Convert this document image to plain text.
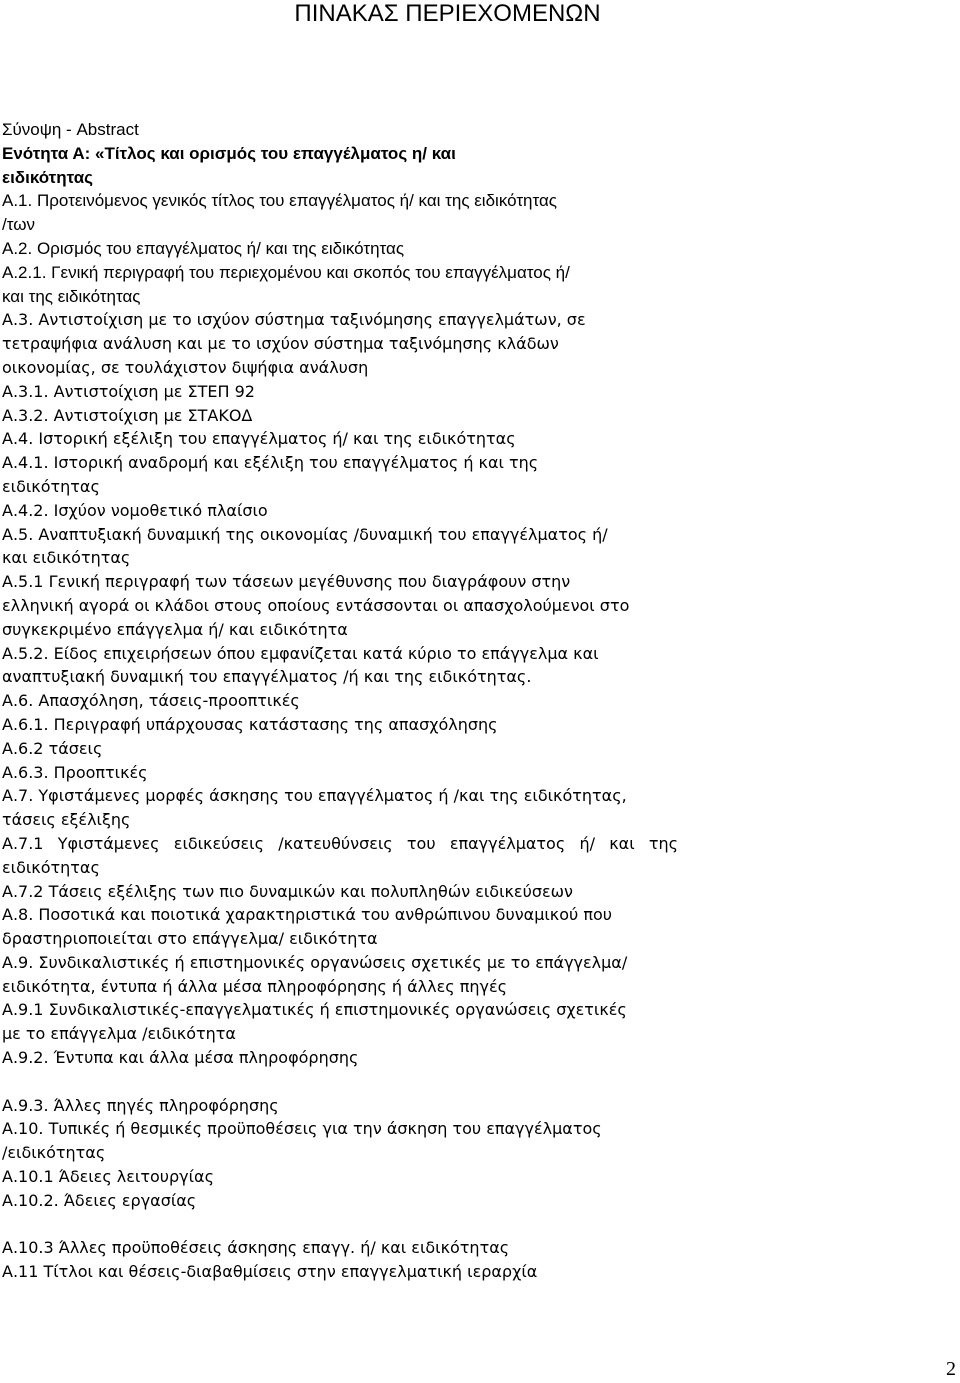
ΠΙΝΑΚΑΣ ΠΕΡΙΕΧΟΜΕΝΩΝ
Σύνοψη - Abstract
Ενότητα Α: «Τίτλος και ορισμός του επαγγέλματος η/ και
ειδικότητας
Α.1. Προτεινόμενος γενικός τίτλος του επαγγέλματος ή/ και της ειδικότητας
/των
Α.2. Ορισμός του επαγγέλματος ή/ και της ειδικότητας
Α.2.1. Γενική περιγραφή του περιεχομένου και σκοπός του επαγγέλματος ή/
και της ειδικότητας
Α.3. Αντιστοίχιση με το ισχύον σύστημα ταξινόμησης επαγγελμάτων, σε
τετραψήφια ανάλυση και με το ισχύον σύστημα ταξινόμησης κλάδων
οικονομίας, σε τουλάχιστον διψήφια ανάλυση
Α.3.1. Αντιστοίχιση με ΣΤΕΠ 92
Α.3.2. Αντιστοίχιση με ΣΤΑΚΟΔ
Α.4. Ιστορική εξέλιξη του επαγγέλματος ή/ και της ειδικότητας
Α.4.1. Ιστορική αναδρομή και εξέλιξη του επαγγέλματος ή και της
ειδικότητας
Α.4.2. Ισχύον νομοθετικό πλαίσιο
Α.5. Αναπτυξιακή δυναμική της οικονομίας /δυναμική του επαγγέλματος ή/
και ειδικότητας
Α.5.1 Γενική περιγραφή των τάσεων μεγέθυνσης που διαγράφουν στην
ελληνική αγορά οι κλάδοι στους οποίους εντάσσονται οι απασχολούμενοι στο
συγκεκριμένο επάγγελμα ή/ και ειδικότητα
Α.5.2. Είδος επιχειρήσεων όπου εμφανίζεται κατά κύριο το επάγγελμα και
αναπτυξιακή δυναμική του επαγγέλματος /ή και της ειδικότητας.
Α.6. Απασχόληση, τάσεις-προοπτικές
Α.6.1. Περιγραφή υπάρχουσας κατάστασης της απασχόλησης
Α.6.2 τάσεις
Α.6.3. Προοπτικές
Α.7. Υφιστάμενες μορφές άσκησης του επαγγέλματος ή /και της ειδικότητας,
τάσεις εξέλιξης
Α.7.1 Υφιστάμενες ειδικεύσεις /κατευθύνσεις του επαγγέλματος ή/ και της
ειδικότητας
Α.7.2 Τάσεις εξέλιξης των πιο δυναμικών και πολυπληθών ειδικεύσεων
Α.8. Ποσοτικά και ποιοτικά χαρακτηριστικά του ανθρώπινου δυναμικού που
δραστηριοποιείται στο επάγγελμα/ ειδικότητα
Α.9. Συνδικαλιστικές ή επιστημονικές οργανώσεις σχετικές με το επάγγελμα/
ειδικότητα, έντυπα ή άλλα μέσα πληροφόρησης ή άλλες πηγές
Α.9.1 Συνδικαλιστικές-επαγγελματικές ή επιστημονικές οργανώσεις σχετικές
με το επάγγελμα /ειδικότητα
Α.9.2. Έντυπα και άλλα μέσα πληροφόρησης
Α.9.3. Άλλες πηγές πληροφόρησης
Α.10. Τυπικές ή θεσμικές προϋποθέσεις για την άσκηση του επαγγέλματος
/ειδικότητας
Α.10.1 Άδειες λειτουργίας
Α.10.2. Άδειες εργασίας
Α.10.3 Άλλες προϋποθέσεις άσκησης επαγγ. ή/ και ειδικότητας
Α.11 Τίτλοι και θέσεις-διαβαθμίσεις στην επαγγελματική ιεραρχία
2
